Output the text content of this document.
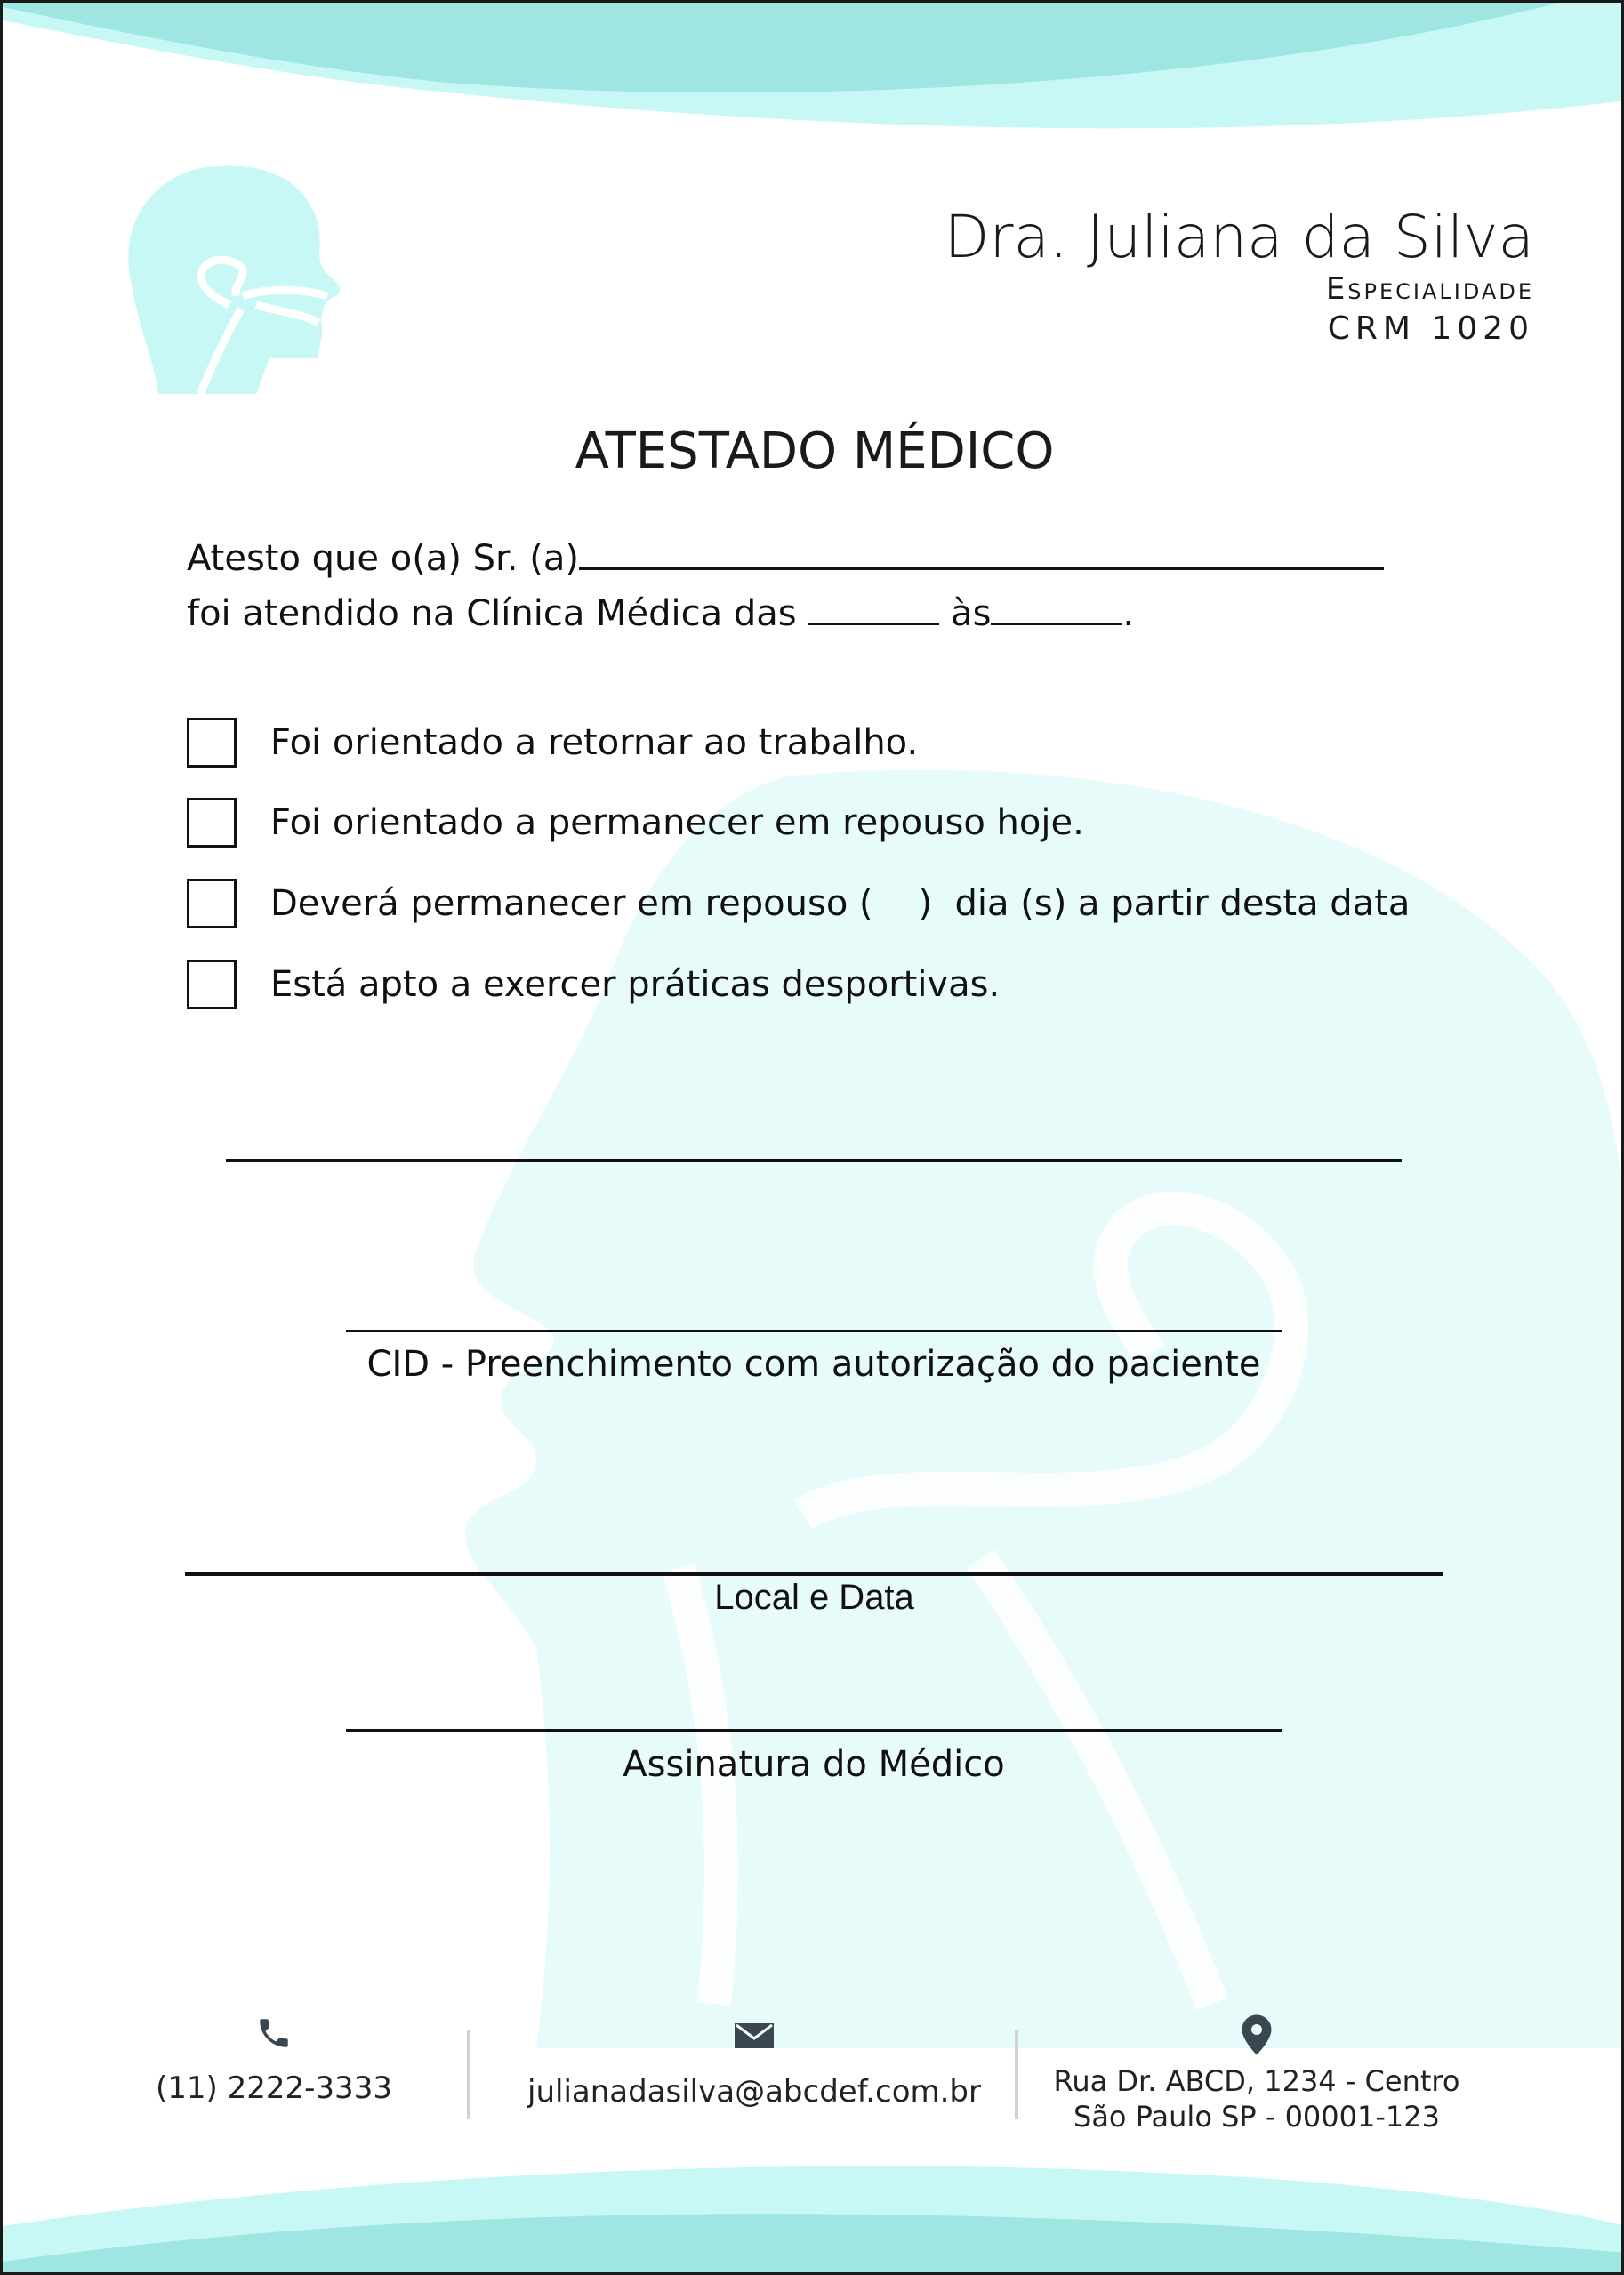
Dra. Juliana da Silva
Especialidade
CRM 1020
ATESTADO MÉDICO
Atesto que o(a) Sr. (a)
foi atendido na Clínica Médica das	às	.
Foi orientado a retornar ao trabalho.
Foi orientado a permanecer em repouso hoje.
Deverá permanecer em repouso (    )  dia (s) a partir desta data
Está apto a exercer práticas desportivas.
CID - Preenchimento com autorização do paciente
Local e Data
Assinatura do Médico
(11) 2222-3333	julianadasilva@abcdef.com.br	Rua Dr. ABCD, 1234 - Centro
São Paulo SP - 00001-123
